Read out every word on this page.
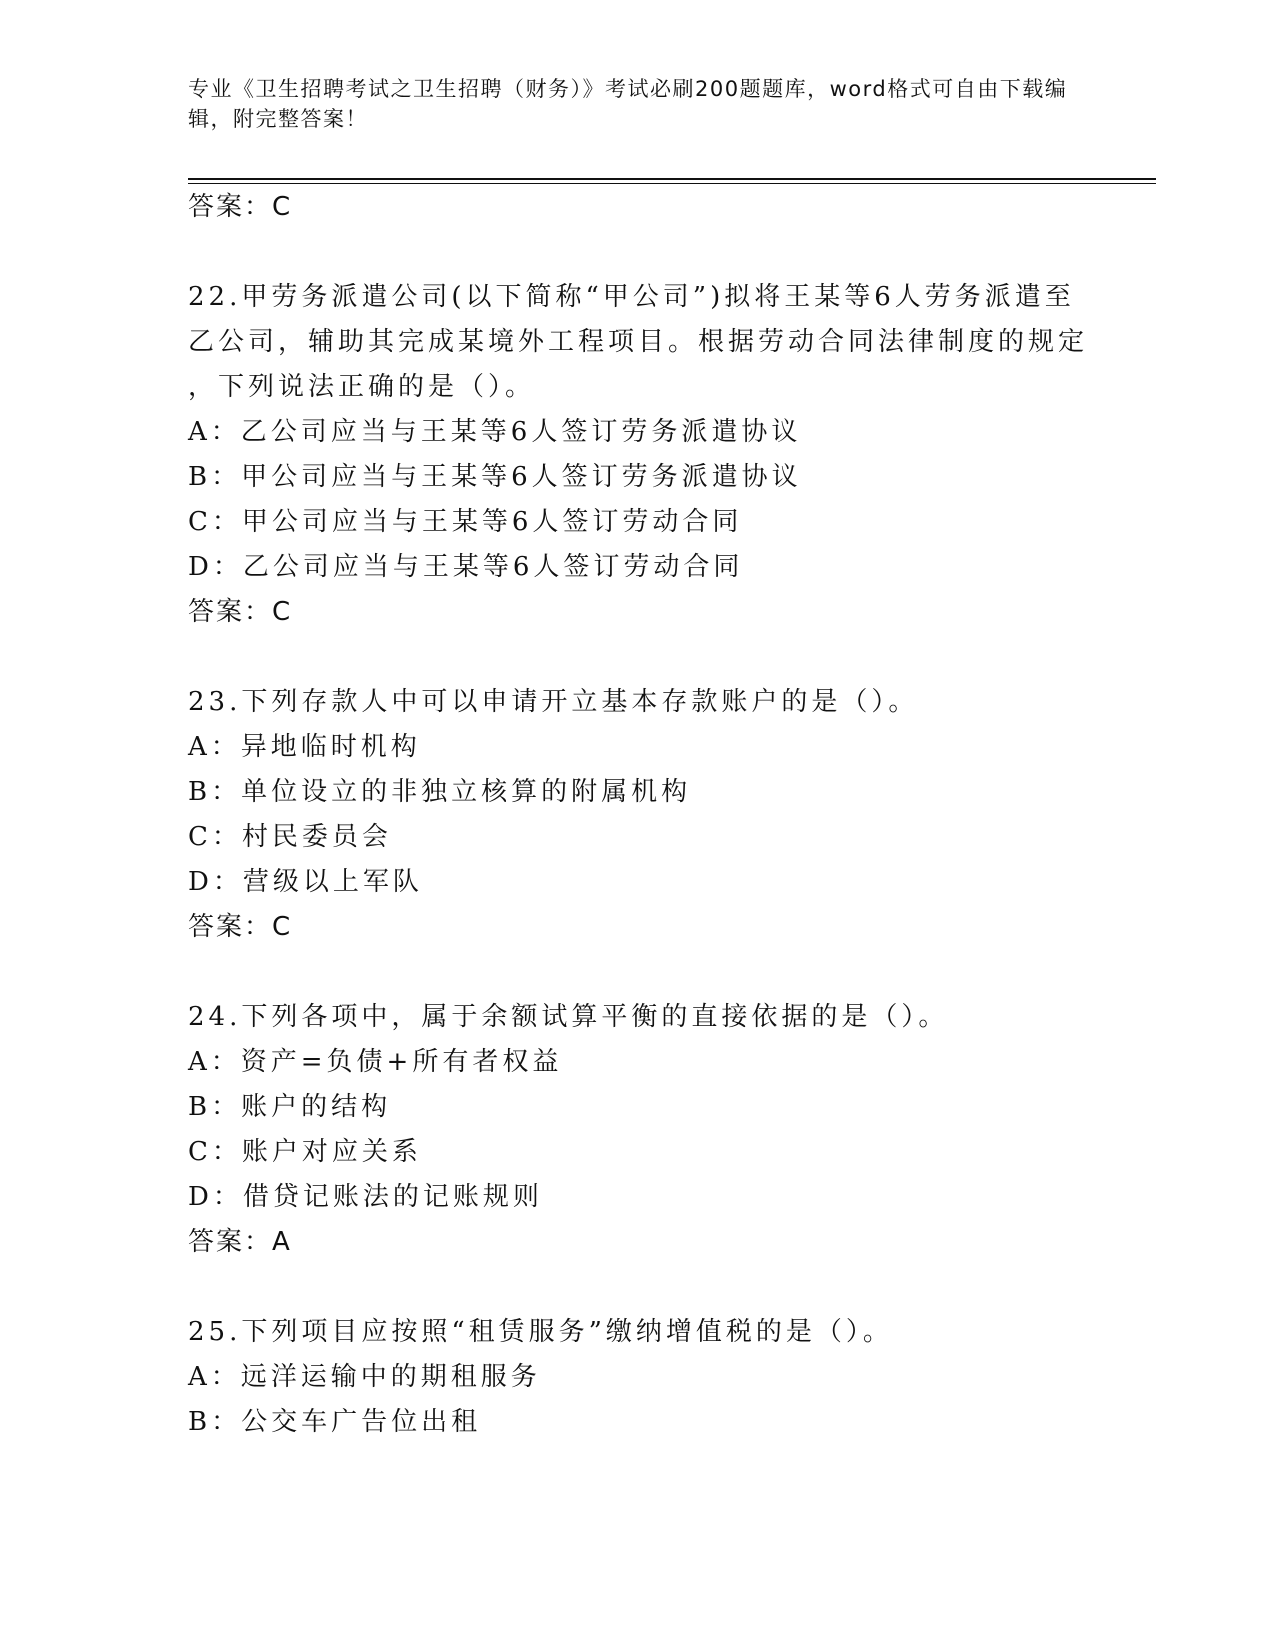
专业《卫生招聘考试之卫生招聘（财务）》考试必刷200题题库，word格式可自由下载编辑，附完整答案！
答案：C
22.甲劳务派遣公司(以下简称“甲公司”)拟将王某等6人劳务派遣至
乙公司，辅助其完成某境外工程项目。根据劳动合同法律制度的规定
，下列说法正确的是（）。
A：乙公司应当与王某等6人签订劳务派遣协议
B：甲公司应当与王某等6人签订劳务派遣协议
C：甲公司应当与王某等6人签订劳动合同
D：乙公司应当与王某等6人签订劳动合同
答案：C
23.下列存款人中可以申请开立基本存款账户的是（）。
A：异地临时机构
B：单位设立的非独立核算的附属机构
C：村民委员会
D：营级以上军队
答案：C
24.下列各项中，属于余额试算平衡的直接依据的是（）。
A：资产=负债+所有者权益
B：账户的结构
C：账户对应关系
D：借贷记账法的记账规则
答案：A
25.下列项目应按照“租赁服务”缴纳增值税的是（）。
A：远洋运输中的期租服务
B：公交车广告位出租
